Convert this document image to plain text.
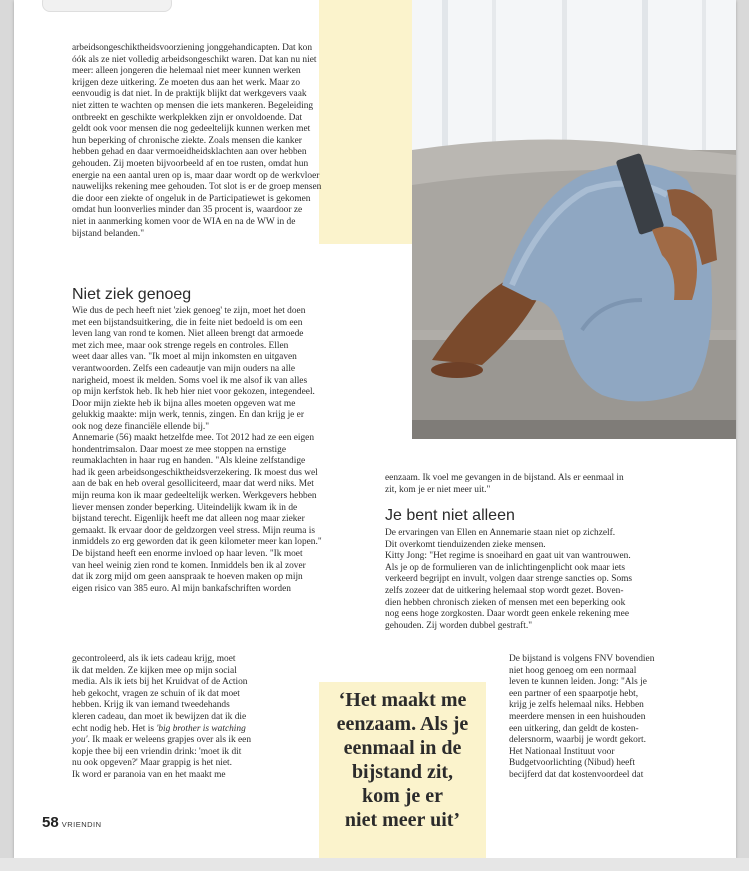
arbeidsongeschiktheidsvoorziening jonggehandicapten. Dat kon
óók als ze niet volledig arbeidsongeschikt waren. Dat kan nu niet
meer: alleen jongeren die helemaal niet meer kunnen werken
krijgen deze uitkering. Ze moeten dus aan het werk. Maar zo
eenvoudig is dat niet. In de praktijk blijkt dat werkgevers vaak
niet zitten te wachten op mensen die iets mankeren. Begeleiding
ontbreekt en geschikte werkplekken zijn er onvoldoende. Dat
geldt ook voor mensen die nog gedeeltelijk kunnen werken met
hun beperking of chronische ziekte. Zoals mensen die kanker
hebben gehad en daar vermoeidheidsklachten aan over hebben
gehouden. Zij moeten bijvoorbeeld af en toe rusten, omdat hun
energie na een aantal uren op is, maar daar wordt op de werkvloer
nauwelijks rekening mee gehouden. Tot slot is er de groep mensen
die door een ziekte of ongeluk in de Participatiewet is gekomen
omdat hun loonverlies minder dan 35 procent is, waardoor ze
niet in aanmerking komen voor de WIA en na de WW in de
bijstand belanden."

Niet ziek genoeg

Wie dus de pech heeft niet 'ziek genoeg' te zijn, moet het doen
met een bijstandsuitkering, die in feite niet bedoeld is om een
leven lang van rond te komen. Niet alleen brengt dat armoede
met zich mee, maar ook strenge regels en controles. Ellen
weet daar alles van. "Ik moet al mijn inkomsten en uitgaven
verantwoorden. Zelfs een cadeautje van mijn ouders na alle
narigheid, moest ik melden. Soms voel ik me alsof ik van alles
op mijn kerfstok heb. Ik heb hier niet voor gekozen, integendeel.
Door mijn ziekte heb ik bijna alles moeten opgeven wat me
gelukkig maakte: mijn werk, tennis, zingen. En dan krijg je er
ook nog deze financiële ellende bij."

Annemarie (56) maakt hetzelfde mee. Tot 2012 had ze een eigen
hondentrimsalon. Daar moest ze mee stoppen na ernstige
reumaklachten in haar rug en handen. "Als kleine zelfstandige
had ik geen arbeidsongeschiktheidsverzekering. Ik moest dus wel
aan de bak en heb overal gesolliciteerd, maar dat werd niks. Met
mijn reuma kon ik maar gedeeltelijk werken. Werkgevers hebben
liever mensen zonder beperking. Uiteindelijk kwam ik in de
bijstand terecht. Eigenlijk heeft me dat alleen nog maar zieker
gemaakt. Ik ervaar door de geldzorgen veel stress. Mijn reuma is
inmiddels zo erg geworden dat ik geen kilometer meer kan lopen."
De bijstand heeft een enorme invloed op haar leven. "Ik moet
van heel weinig zien rond te komen. Inmiddels ben ik al zover
dat ik zorg mijd om geen aanspraak te hoeven maken op mijn
eigen risico van 385 euro. Al mijn bankafschriften worden

gecontroleerd, als ik iets cadeau krijg, moet
ik dat melden. Ze kijken mee op mijn social
media. Als ik iets bij het Kruidvat of de Action
heb gekocht, vragen ze schuin of ik dat moet
hebben. Krijg ik van iemand tweedehands
kleren cadeau, dan moet ik bewijzen dat ik die
echt nodig heb. Het is 'big brother is watching
you'. Ik maak er weleens grapjes over als ik een
kopje thee bij een vriendin drink: 'moet ik dit
nu ook opgeven?' Maar grappig is het niet.
Ik word er paranoia van en het maakt me

eenzaam. Ik voel me gevangen in de bijstand. Als er eenmaal in
zit, kom je er niet meer uit."

Je bent niet alleen

De ervaringen van Ellen en Annemarie staan niet op zichzelf.
Dit overkomt tienduizenden zieke mensen.
Kitty Jong: "Het regime is snoeihard en gaat uit van wantrouwen.
Als je op de formulieren van de inlichtingenplicht ook maar iets
verkeerd begrijpt en invult, volgen daar strenge sancties op. Soms
zelfs zozeer dat de uitkering helemaal stop wordt gezet. Boven-
dien hebben chronisch zieken of mensen met een beperking ook
nog eens hoge zorgkosten. Daar wordt geen enkele rekening mee
gehouden. Zij worden dubbel gestraft."

De bijstand is volgens FNV bovendien
niet hoog genoeg om een normaal
leven te kunnen leiden. Jong: "Als je
een partner of een spaarpotje hebt,
krijg je zelfs helemaal niks. Hebben
meerdere mensen in een huishouden
een uitkering, dan geldt de kosten-
delersnorm, waarbij je wordt gekort.
Het Nationaal Instituut voor
Budgetvoorlichting (Nibud) heeft
becijferd dat dat kostenvoordeel dat

‘Het maakt me
eenzaam. Als je
eenmaal in de
bijstand zit,
kom je er
niet meer uit’

58 VRIENDIN
